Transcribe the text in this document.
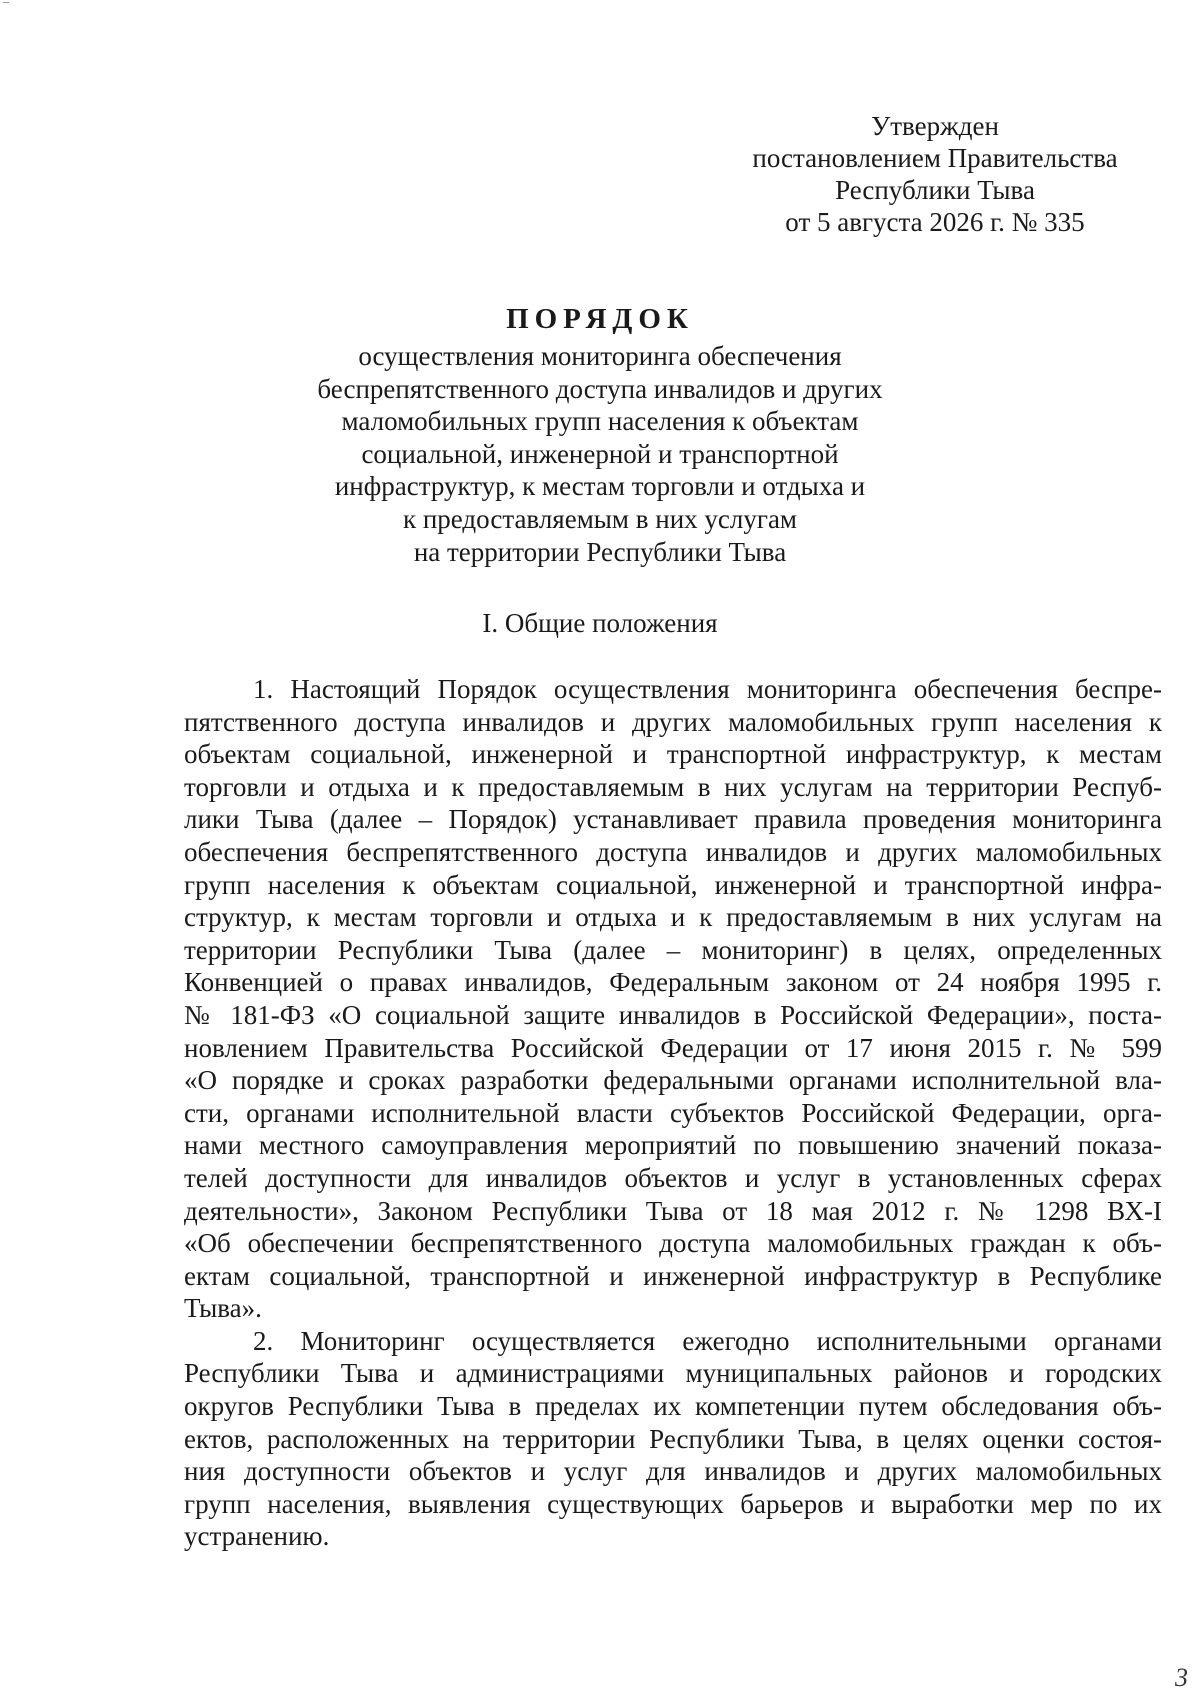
Утвержден
постановлением Правительства
Республики Тыва
от 5 августа 2026 г. № 335
ПОРЯДОК
осуществления мониторинга обеспечения
беспрепятственного доступа инвалидов и других
маломобильных групп населения к объектам
социальной, инженерной и транспортной
инфраструктур, к местам торговли и отдыха и
к предоставляемым в них услугам
на территории Республики Тыва
I. Общие положения
1. Настоящий Порядок осуществления мониторинга обеспечения беспре-
пятственного доступа инвалидов и других маломобильных групп населения к
объектам социальной, инженерной и транспортной инфраструктур, к местам
торговли и отдыха и к предоставляемым в них услугам на территории Респуб-
лики Тыва (далее – Порядок) устанавливает правила проведения мониторинга
обеспечения беспрепятственного доступа инвалидов и других маломобильных
групп населения к объектам социальной, инженерной и транспортной инфра-
структур, к местам торговли и отдыха и к предоставляемым в них услугам на
территории Республики Тыва (далее – мониторинг) в целях, определенных
Конвенцией о правах инвалидов, Федеральным законом от 24 ноября 1995 г.
№ 181-ФЗ «О социальной защите инвалидов в Российской Федерации», поста-
новлением Правительства Российской Федерации от 17 июня 2015 г. № 599
«О порядке и сроках разработки федеральными органами исполнительной вла-
сти, органами исполнительной власти субъектов Российской Федерации, орга-
нами местного самоуправления мероприятий по повышению значений показа-
телей доступности для инвалидов объектов и услуг в установленных сферах
деятельности», Законом Республики Тыва от 18 мая 2012 г. № 1298 ВХ-I
«Об обеспечении беспрепятственного доступа маломобильных граждан к объ-
ектам социальной, транспортной и инженерной инфраструктур в Республике
Тыва».
2. Мониторинг осуществляется ежегодно исполнительными органами
Республики Тыва и администрациями муниципальных районов и городских
округов Республики Тыва в пределах их компетенции путем обследования объ-
ектов, расположенных на территории Республики Тыва, в целях оценки состоя-
ния доступности объектов и услуг для инвалидов и других маломобильных
групп населения, выявления существующих барьеров и выработки мер по их
устранению.
3
